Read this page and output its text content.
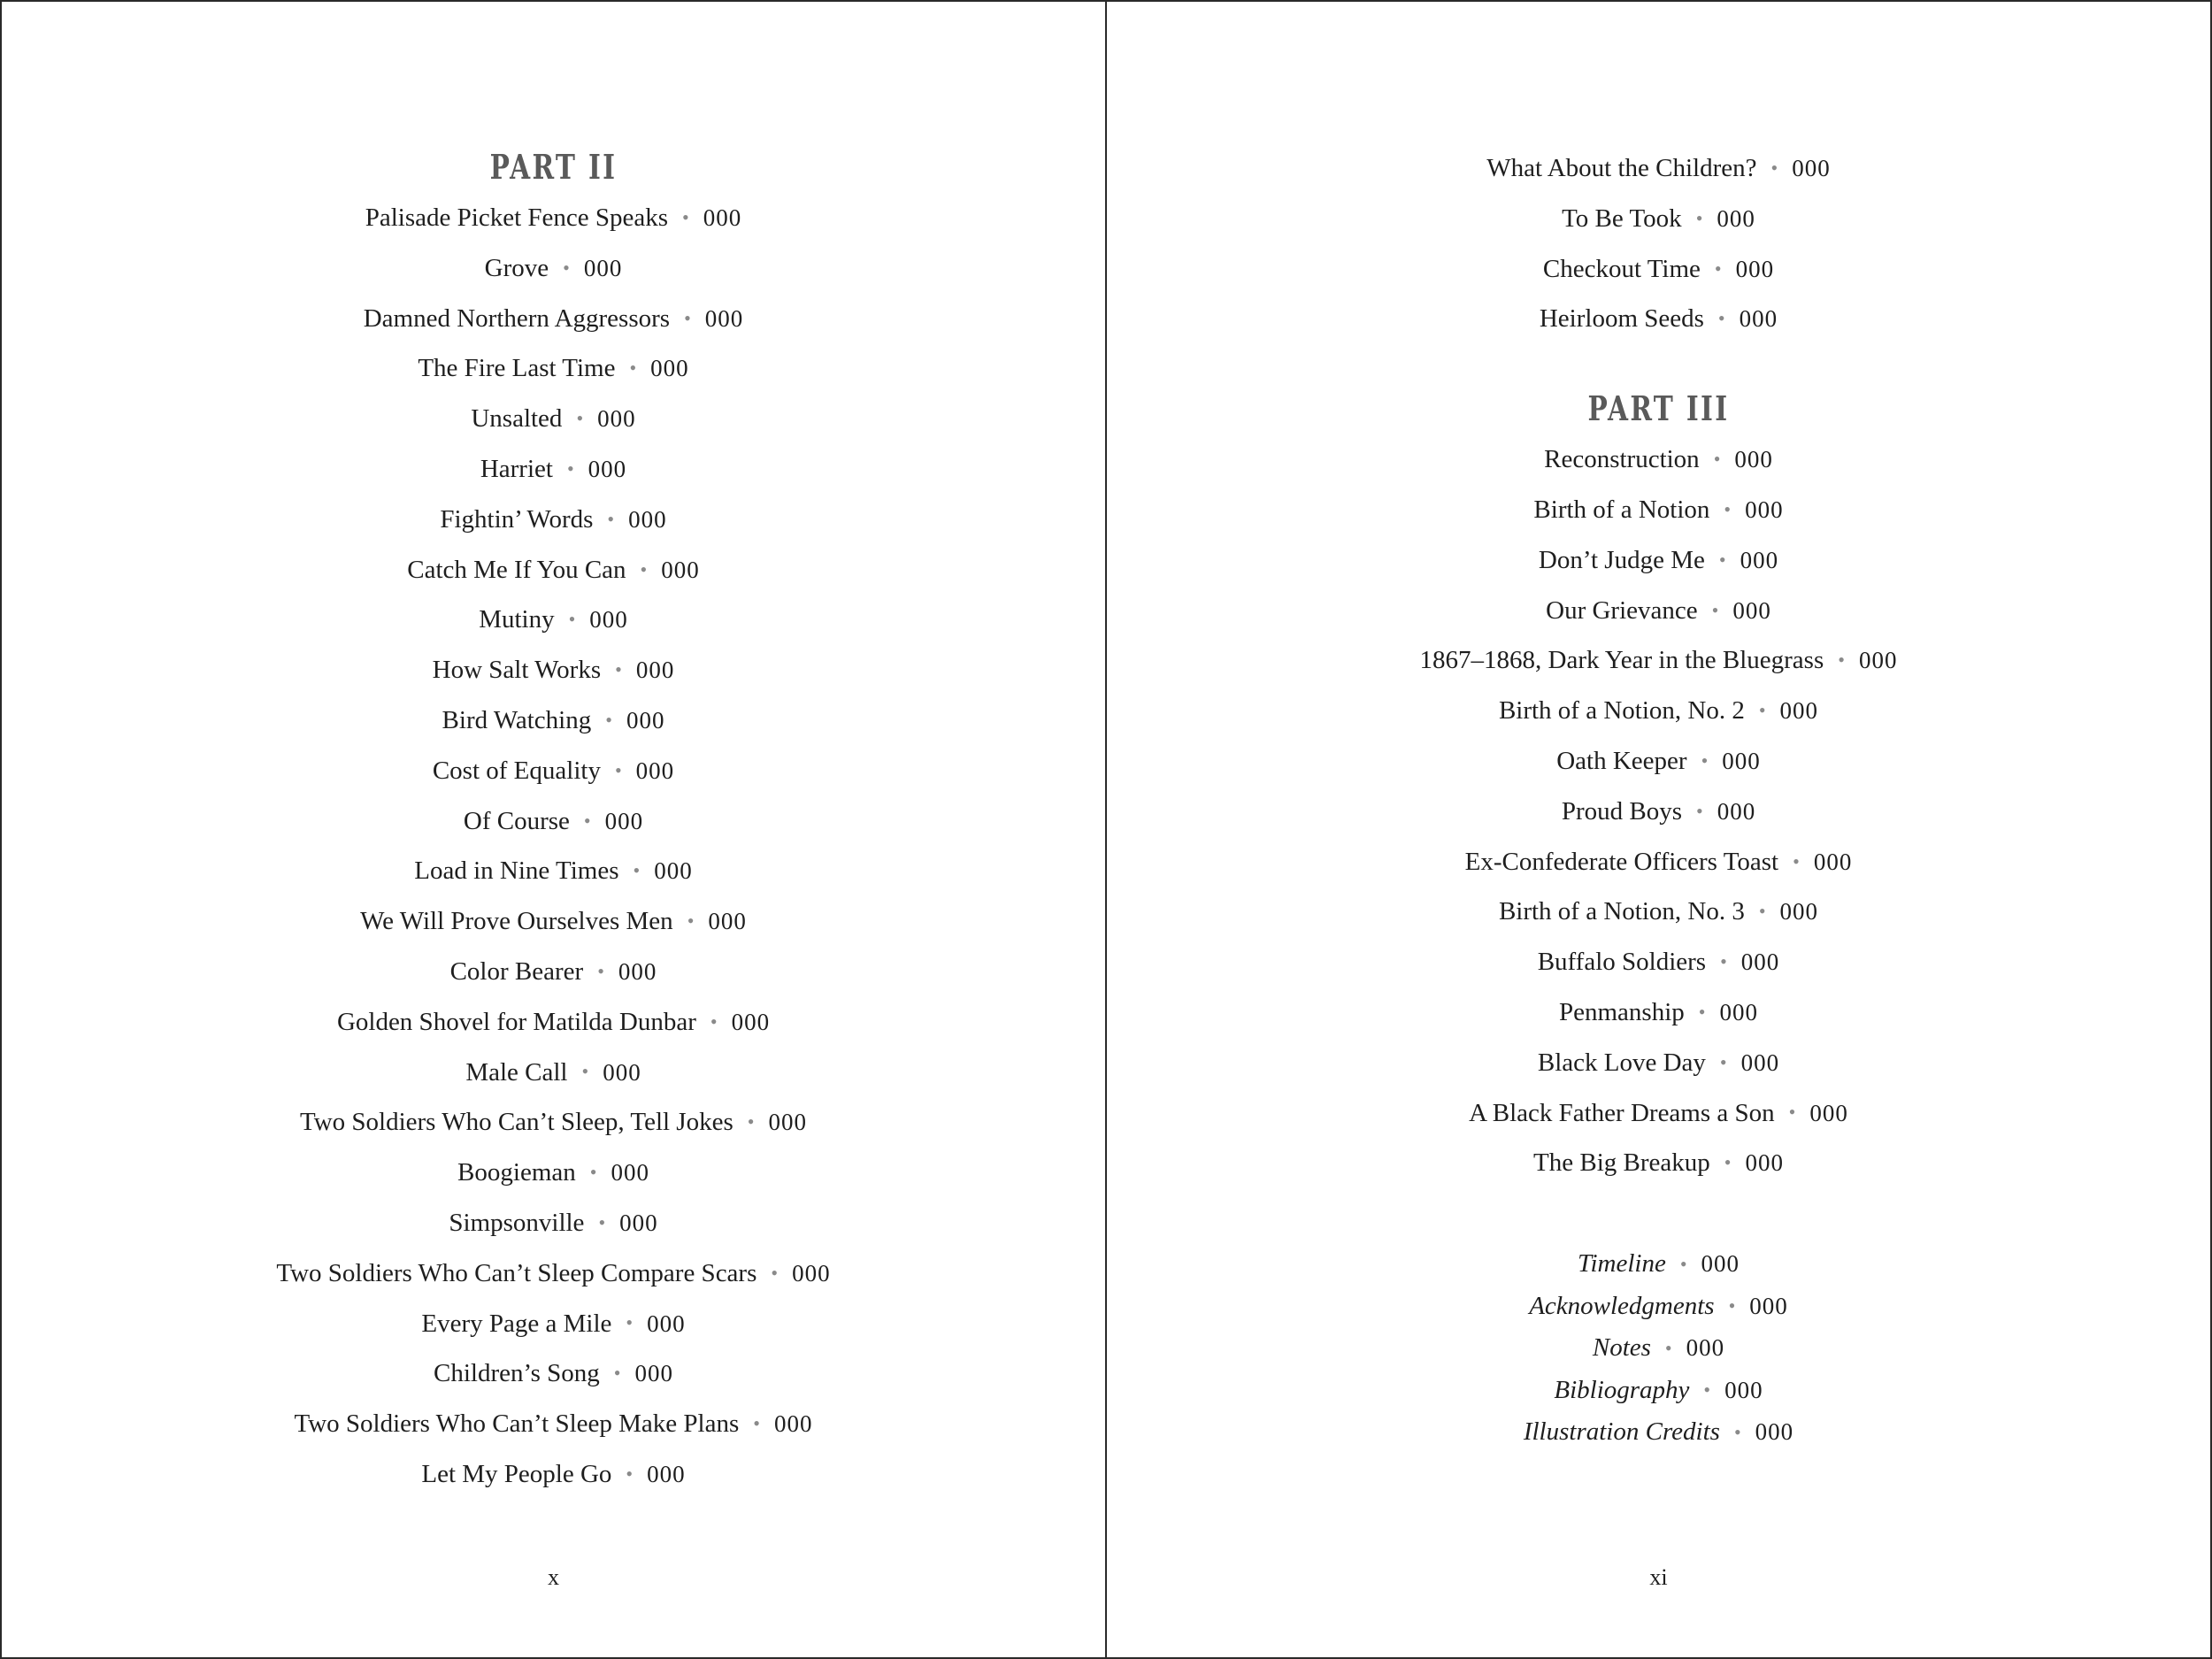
PART II
Palisade Picket Fence Speaks • 000
Grove • 000
Damned Northern Aggressors • 000
The Fire Last Time • 000
Unsalted • 000
Harriet • 000
Fightin’ Words • 000
Catch Me If You Can • 000
Mutiny • 000
How Salt Works • 000
Bird Watching • 000
Cost of Equality • 000
Of Course • 000
Load in Nine Times • 000
We Will Prove Ourselves Men • 000
Color Bearer • 000
Golden Shovel for Matilda Dunbar • 000
Male Call • 000
Two Soldiers Who Can’t Sleep, Tell Jokes • 000
Boogieman • 000
Simpsonville • 000
Two Soldiers Who Can’t Sleep Compare Scars • 000
Every Page a Mile • 000
Children’s Song • 000
Two Soldiers Who Can’t Sleep Make Plans • 000
Let My People Go • 000
x
What About the Children? • 000
To Be Took • 000
Checkout Time • 000
Heirloom Seeds • 000
PART III
Reconstruction • 000
Birth of a Notion • 000
Don’t Judge Me • 000
Our Grievance • 000
1867–1868, Dark Year in the Bluegrass • 000
Birth of a Notion, No. 2 • 000
Oath Keeper • 000
Proud Boys • 000
Ex-Confederate Officers Toast • 000
Birth of a Notion, No. 3 • 000
Buffalo Soldiers • 000
Penmanship • 000
Black Love Day • 000
A Black Father Dreams a Son • 000
The Big Breakup • 000
Timeline • 000
Acknowledgments • 000
Notes • 000
Bibliography • 000
Illustration Credits • 000
xi
